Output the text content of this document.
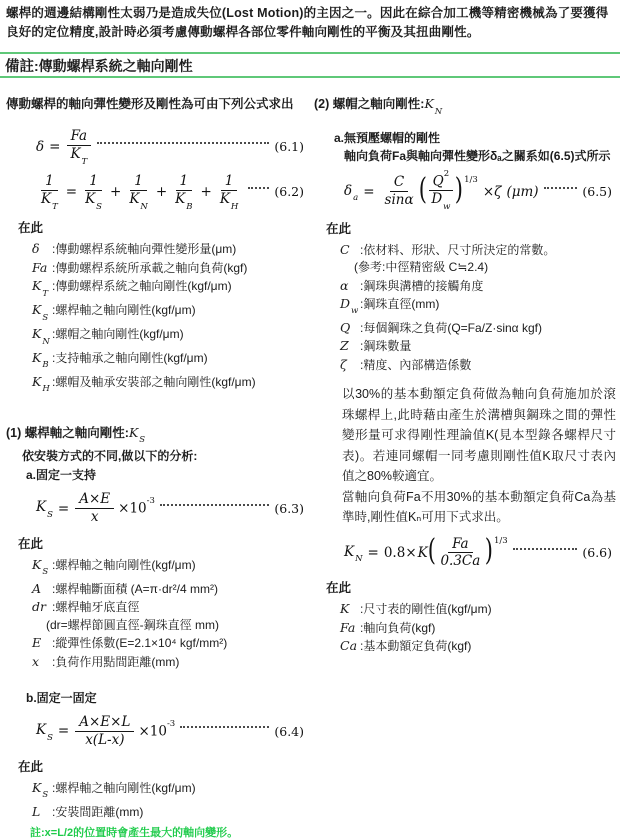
螺桿的週邊結構剛性太弱乃是造成失位(Lost Motion)的主因之一。因此在綜合加工機等精密機械為了要獲得良好的定位精度,設計時必須考慮傳動螺桿各部位零件軸向剛性的平衡及其扭曲剛性。

備註:傳動螺桿系統之軸向剛性

傳動螺桿的軸向彈性變形及剛性為可由下列公式求出

$\delta = \frac{Fa}{K_T}$	(6.1)
$\frac{1}{K_T} = \frac{1}{K_S} + \frac{1}{K_N} + \frac{1}{K_B} + \frac{1}{K_H}$	(6.2)

在此

δ	:傳動螺桿系統軸向彈性變形量(μm)
Fa :傳動螺桿系統所承載之軸向負荷(kgf)
$K_T$
:傳動螺桿系統之軸向剛性(kgf/μm)
$K_S$
:螺桿軸之軸向剛性(kgf/μm)
$K_N$
:螺帽之軸向剛性(kgf/μm)
$K_B$
:支持軸承之軸向剛性(kgf/μm)
$K_H$
:螺帽及軸承安裝部之軸向剛性(kgf/μm)
(1) 螺桿軸之軸向剛性$:K_S$

依安裝方式的不同,做以下的分析:

a.固定一支持

$K_S = \frac{A\times E}{x} \times 10^{-3}$	(6.3)

在此

$K_S$
:螺桿軸之軸向剛性(kgf/μm)
A :螺桿軸斷面積 (A=π·dr²/4 mm²)
dr :螺桿軸牙底直徑
(dr=螺桿節圓直徑-鋼珠直徑 mm)
E :縱彈性係數(E=2.1×10⁴ kgf/mm²)
x	:負荷作用點間距離(mm)

b.固定一固定

$K_S = \frac{A\times E\times L}{x(L-x)} \times 10^{-3}$	(6.4)

在此

$K_S$
:螺桿軸之軸向剛性(kgf/μm)
L :安裝間距離(mm)

註:x=L/2的位置時會產生最大的軸向變形。

(2) 螺帽之軸向剛性$:K_N$

a.無預壓螺帽的剛性

軸向負荷Fa與軸向彈性變形δₐ之關系如(6.5)式所示

$\delta_a = \frac{C}{\sin\alpha}$ ( $\frac{Q^2}{D_w} )^{1/3}$
×ζ (μm)	(6.5)

在此

C :依材料、形狀、尺寸所決定的常數。
(參考:中徑精密級 C≒2.4)
α :鋼珠與溝槽的接觸角度
$D_w$
:鋼珠直徑(mm)
Q :每個鋼珠之負荷(Q=Fa/Z·sinα kgf)
Z :鋼珠數量
ζ	:精度、內部構造係數

以30%的基本動額定負荷做為軸向負荷施加於滾珠螺桿上,此時藉由產生於溝槽與鋼珠之間的彈性變形量可求得剛性理論值K(見本型錄各螺桿尺寸表)。若連同螺帽一同考慮則剛性值K取尺寸表內值之80%較適宜。

當軸向負荷Fa不用30%的基本動額定負荷Ca為基準時,剛性值Kₙ可用下式求出。

$K_N = 0.8\times K$ ( $\frac{Fa}{0.3Ca} )^{1/3}$
(6.6)

在此

K :尺寸表的剛性值(kgf/μm)
Fa :軸向負荷(kgf)
Ca :基本動額定負荷(kgf)
